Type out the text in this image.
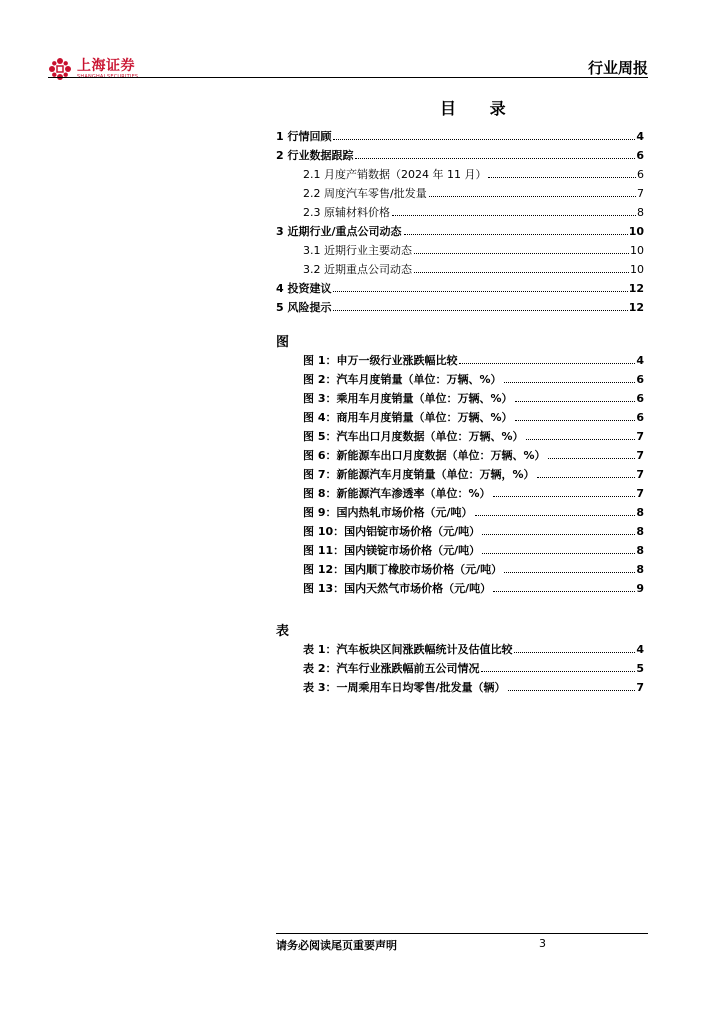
上海证券
SHANGHAI SECURITIES	行业周报
目 录
1 行情回顾	4
2 行业数据跟踪	6
2.1 月度产销数据（2024 年 11 月）	6
2.2 周度汽车零售/批发量	7
2.3 原辅材料价格	8
3 近期行业/重点公司动态	10
3.1 近期行业主要动态	10
3.2 近期重点公司动态	10
4 投资建议	12
5 风险提示	12
图
图 1：申万一级行业涨跌幅比较	4
图 2：汽车月度销量（单位：万辆、%）	6
图 3：乘用车月度销量（单位：万辆、%）	6
图 4：商用车月度销量（单位：万辆、%）	6
图 5：汽车出口月度数据（单位：万辆、%）	7
图 6：新能源车出口月度数据（单位：万辆、%）	7
图 7：新能源汽车月度销量（单位：万辆，%）	7
图 8：新能源汽车渗透率（单位：%）	7
图 9：国内热轧市场价格（元/吨）	8
图 10：国内铝锭市场价格（元/吨）	8
图 11：国内镁锭市场价格（元/吨）	8
图 12：国内顺丁橡胶市场价格（元/吨）	8
图 13：国内天然气市场价格（元/吨）	9
表
表 1：汽车板块区间涨跌幅统计及估值比较	4
表 2：汽车行业涨跌幅前五公司情况	5
表 3：一周乘用车日均零售/批发量（辆）	7
请务必阅读尾页重要声明	3
